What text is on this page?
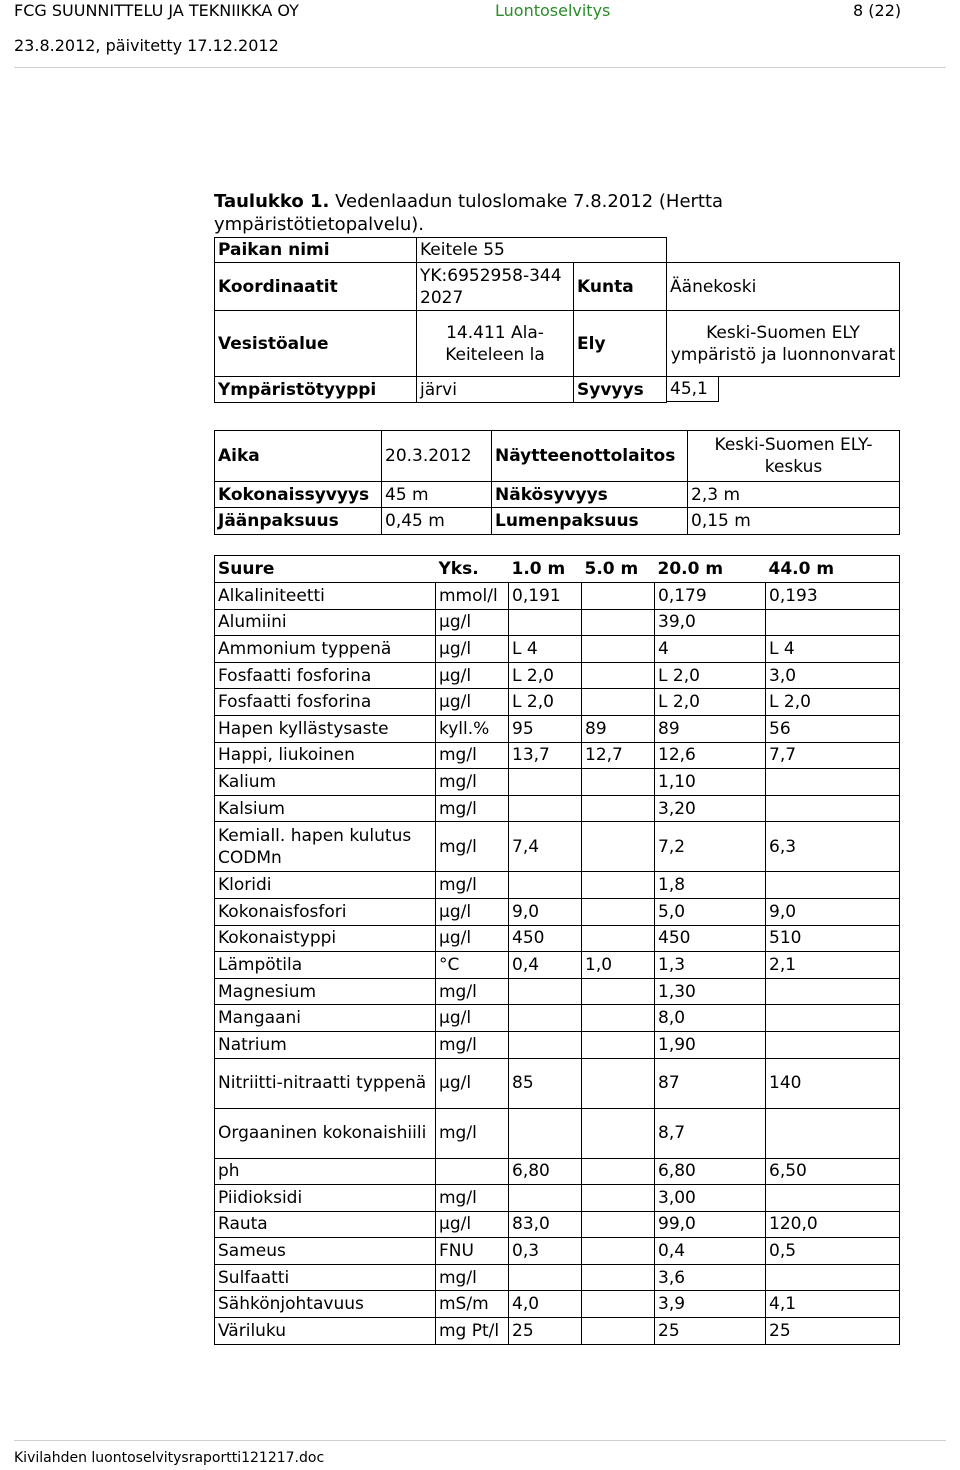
FCG SUUNNITTELU JA TEKNIIKKA OY	Luontoselvitys	8 (22)
23.8.2012, päivitetty 17.12.2012
Taulukko 1. Vedenlaadun tuloslomake 7.8.2012 (Hertta
ympäristötietopalvelu).
Paikan nimi	Keitele 55		
Koordinaatit	YK:6952958-3442027	Kunta	Äänekoski
Vesistöalue	14.411 Ala-Keiteleen la	Ely	Keski-Suomen ELY ympäristö ja luonnonvarat
Ympäristötyyppi	järvi	Syvyys	45,1
Aika	20.3.2012	Näytteenottolaitos	Keski-Suomen ELY-keskus
Kokonaissyvyys	45 m	Näkösyvyys	2,3 m
Jäänpaksuus	0,45 m	Lumenpaksuus	0,15 m
Suure	Yks.	1.0 m	5.0 m	20.0 m	44.0 m
Alkaliniteetti	mmol/l	0,191		0,179	0,193
Alumiini	µg/l			39,0	
Ammonium typpenä	µg/l	L 4		4	L 4
Fosfaatti fosforina	µg/l	L 2,0		L 2,0	3,0
Fosfaatti fosforina	µg/l	L 2,0		L 2,0	L 2,0
Hapen kyllästysaste	kyll.%	95	89	89	56
Happi, liukoinen	mg/l	13,7	12,7	12,6	7,7
Kalium	mg/l			1,10	
Kalsium	mg/l			3,20	
Kemiall. hapen kulutus CODMn	mg/l	7,4		7,2	6,3
Kloridi	mg/l			1,8	
Kokonaisfosfori	µg/l	9,0		5,0	9,0
Kokonaistyppi	µg/l	450		450	510
Lämpötila	°C	0,4	1,0	1,3	2,1
Magnesium	mg/l			1,30	
Mangaani	µg/l			8,0	
Natrium	mg/l			1,90	
Nitriitti-nitraatti typpenä	µg/l	85		87	140
Orgaaninen kokonaishiili	mg/l			8,7	
ph		6,80		6,80	6,50
Piidioksidi	mg/l			3,00	
Rauta	µg/l	83,0		99,0	120,0
Sameus	FNU	0,3		0,4	0,5
Sulfaatti	mg/l			3,6	
Sähkönjohtavuus	mS/m	4,0		3,9	4,1
Väriluku	mg Pt/l	25		25	25
Kivilahden luontoselvitysraportti121217.doc
